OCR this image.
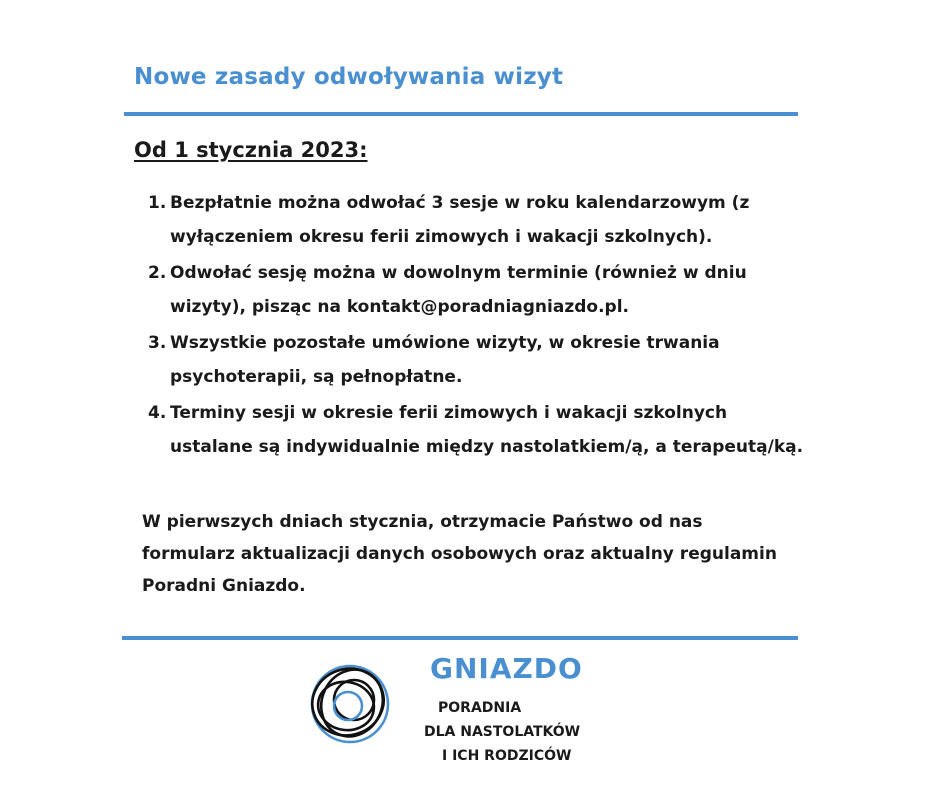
Nowe zasady odwoływania wizyt
Od 1 stycznia 2023:
1. Bezpłatnie można odwołać 3 sesje w roku kalendarzowym (z wyłączeniem okresu ferii zimowych i wakacji szkolnych).
2. Odwołać sesję można w dowolnym terminie (również w dniu wizyty), pisząc na kontakt@poradniagniazdo.pl.
3. Wszystkie pozostałe umówione wizyty, w okresie trwania psychoterapii, są pełnopłatne.
4. Terminy sesji w okresie ferii zimowych i wakacji szkolnych ustalane są indywidualnie między nastolatkiem/ą, a terapeutą/ką.
W pierwszych dniach stycznia, otrzymacie Państwo od nas formularz aktualizacji danych osobowych oraz aktualny regulamin Poradni Gniazdo.
GNIAZDO
PORADNIA
DLA NASTOLATKÓW
I ICH RODZICÓW
